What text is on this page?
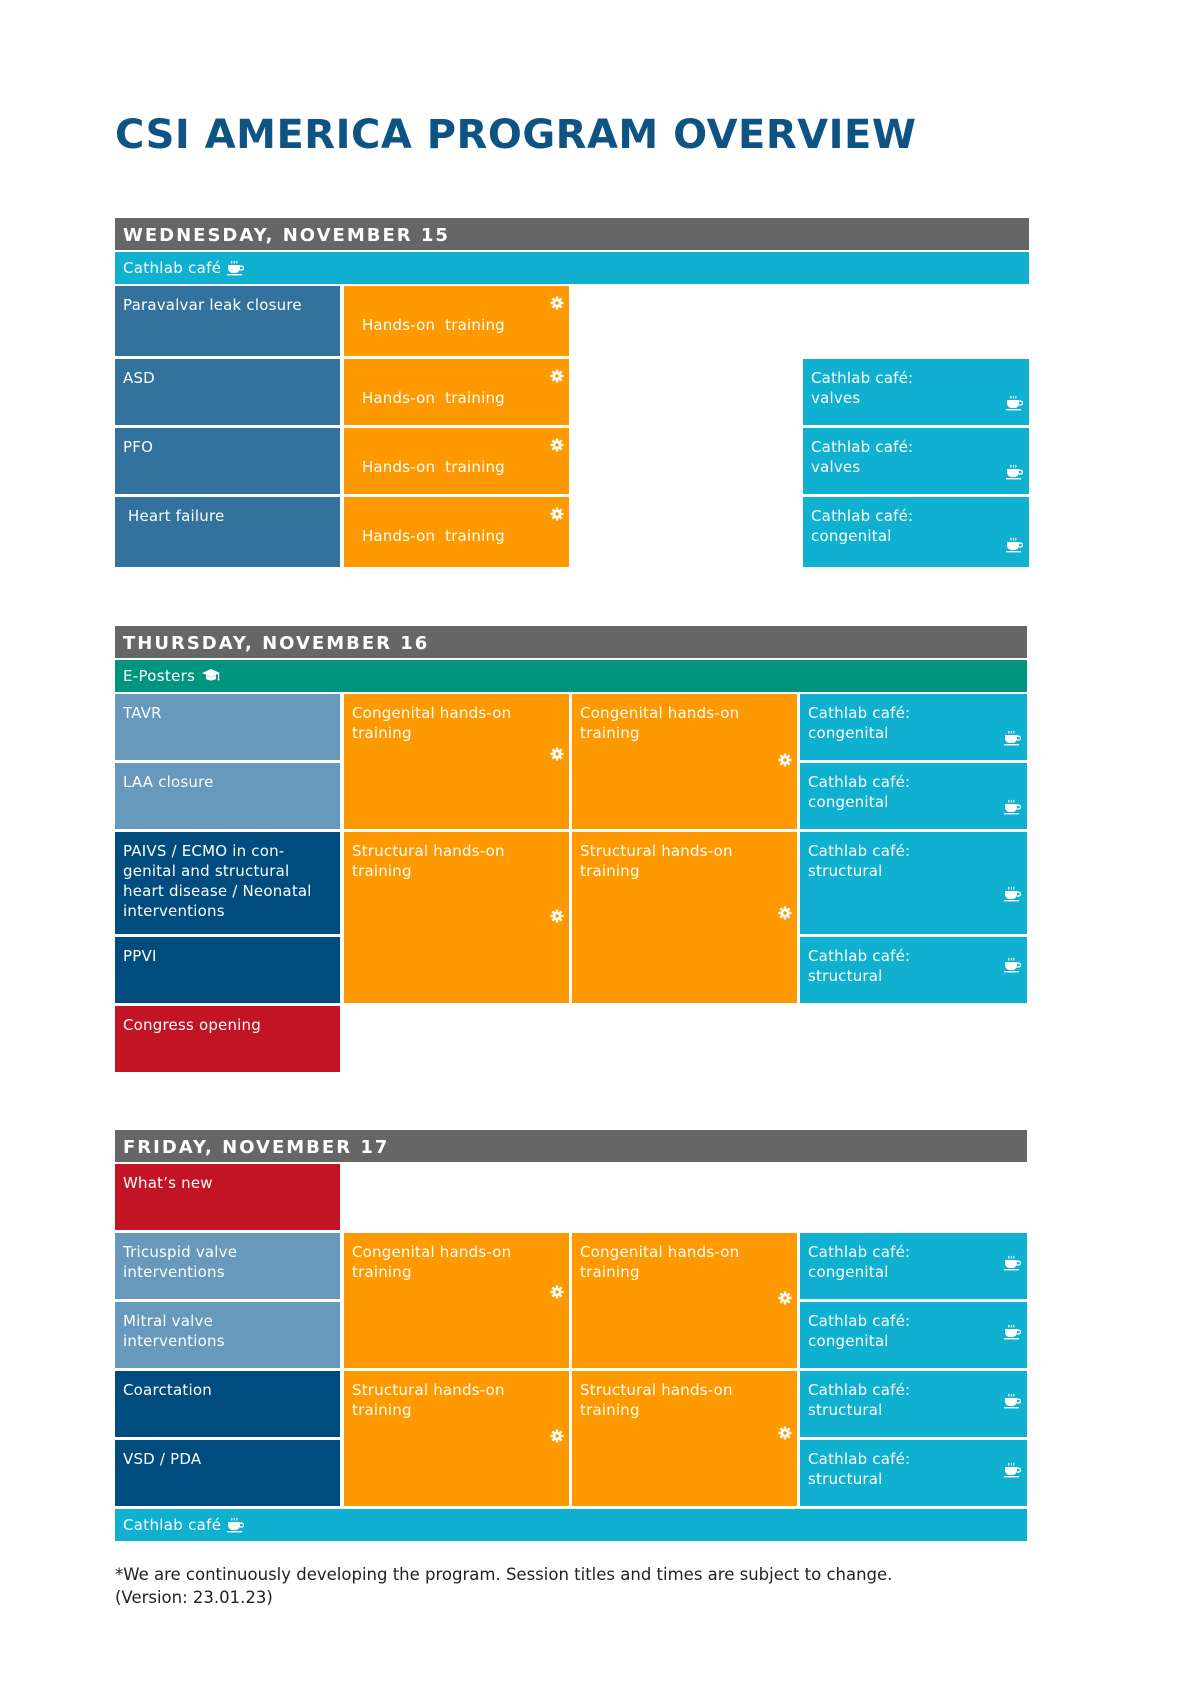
CSI AMERICA PROGRAM OVERVIEW
WEDNESDAY, NOVEMBER 15
Cathlab café
Paravalvar leak closure
ASD
PFO
Heart failure

Hands-on  training

Hands-on  training

Hands-on  training

Hands-on  training

Cathlab café:
valves
Cathlab café:
valves
Cathlab café:
congenital
THURSDAY, NOVEMBER 16
E-Posters
TAVR
LAA closure
PAIVS / ECMO in con-
genital and structural
heart disease / Neonatal
interventions
PPVI
Congress opening
Congenital hands-on
training
Congenital hands-on
training
Structural hands-on
training
Structural hands-on
training
Cathlab café:
congenital
Cathlab café:
congenital
Cathlab café:
structural
Cathlab café:
structural
FRIDAY, NOVEMBER 17
What’s new
Tricuspid valve
interventions
Mitral valve
interventions
Coarctation
VSD / PDA
Congenital hands-on
training
Congenital hands-on
training
Structural hands-on
training
Structural hands-on
training
Cathlab café:
congenital
Cathlab café:
congenital
Cathlab café:
structural
Cathlab café:
structural
Cathlab café
*We are continuously developing the program. Session titles and times are subject to change.
(Version: 23.01.23)
